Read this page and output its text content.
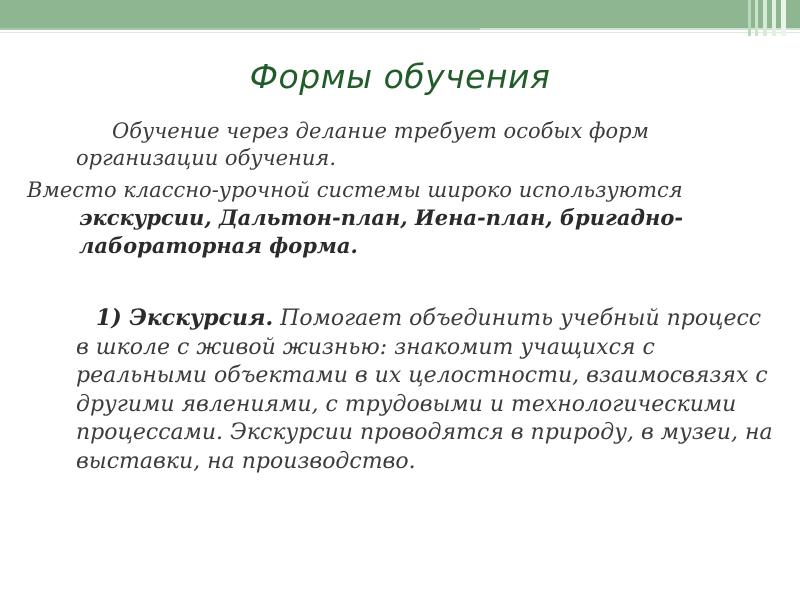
Формы обучения

Обучение через делание требует особых форм организации обучения.

Вместо классно-урочной системы широко используются экскурсии, Дальтон-план, Иена-план, бригадно-лабораторная форма.

1) Экскурсия. Помогает объединить учебный процесс в школе с живой жизнью: знакомит учащихся с реальными объектами в их целостности, взаимосвязях с другими явлениями, с трудовыми и технологическими процессами. Экскурсии проводятся в природу, в музеи, на выставки, на производство.
